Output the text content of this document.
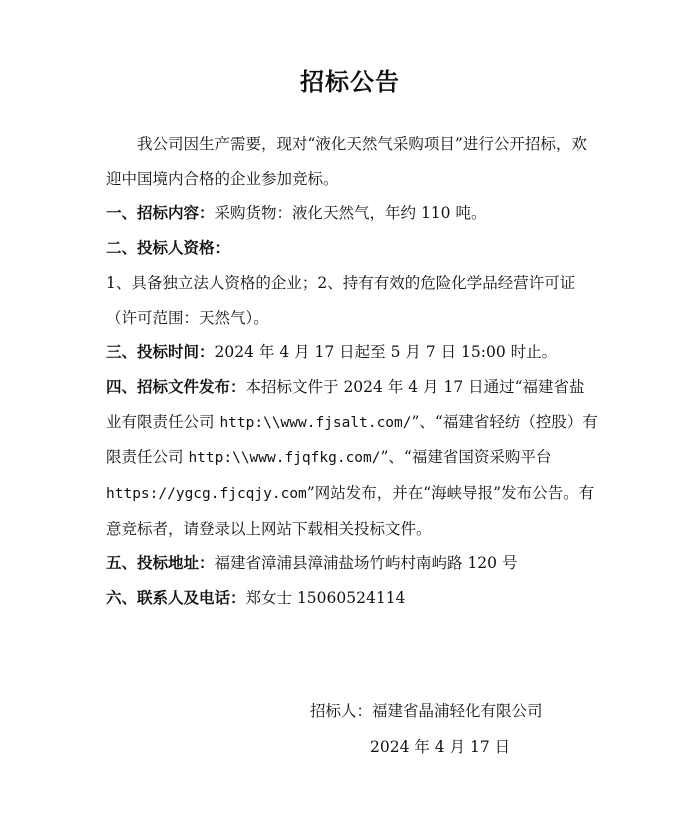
招标公告

我公司因生产需要，现对“液化天然气采购项目”进行公开招标，欢迎中国境内合格的企业参加竞标。

一、招标内容：采购货物：液化天然气，年约 110 吨。

二、投标人资格：

1、具备独立法人资格的企业；2、持有有效的危险化学品经营许可证（许可范围：天然气）。

三、投标时间：2024 年 4 月 17 日起至 5 月 7 日 15:00 时止。

四、招标文件发布：本招标文件于 2024 年 4 月 17 日通过“福建省盐业有限责任公司 http:\\www.fjsalt.com/”、“福建省轻纺（控股）有限责任公司 http:\\www.fjqfkg.com/”、“福建省国资采购平台 https://ygcg.fjcqjy.com”网站发布，并在“海峡导报”发布公告。有意竞标者，请登录以上网站下载相关投标文件。

五、投标地址：福建省漳浦县漳浦盐场竹屿村南屿路 120 号

六、联系人及电话：郑女士 15060524114

招标人：福建省晶浦轻化有限公司
2024 年 4 月 17 日
